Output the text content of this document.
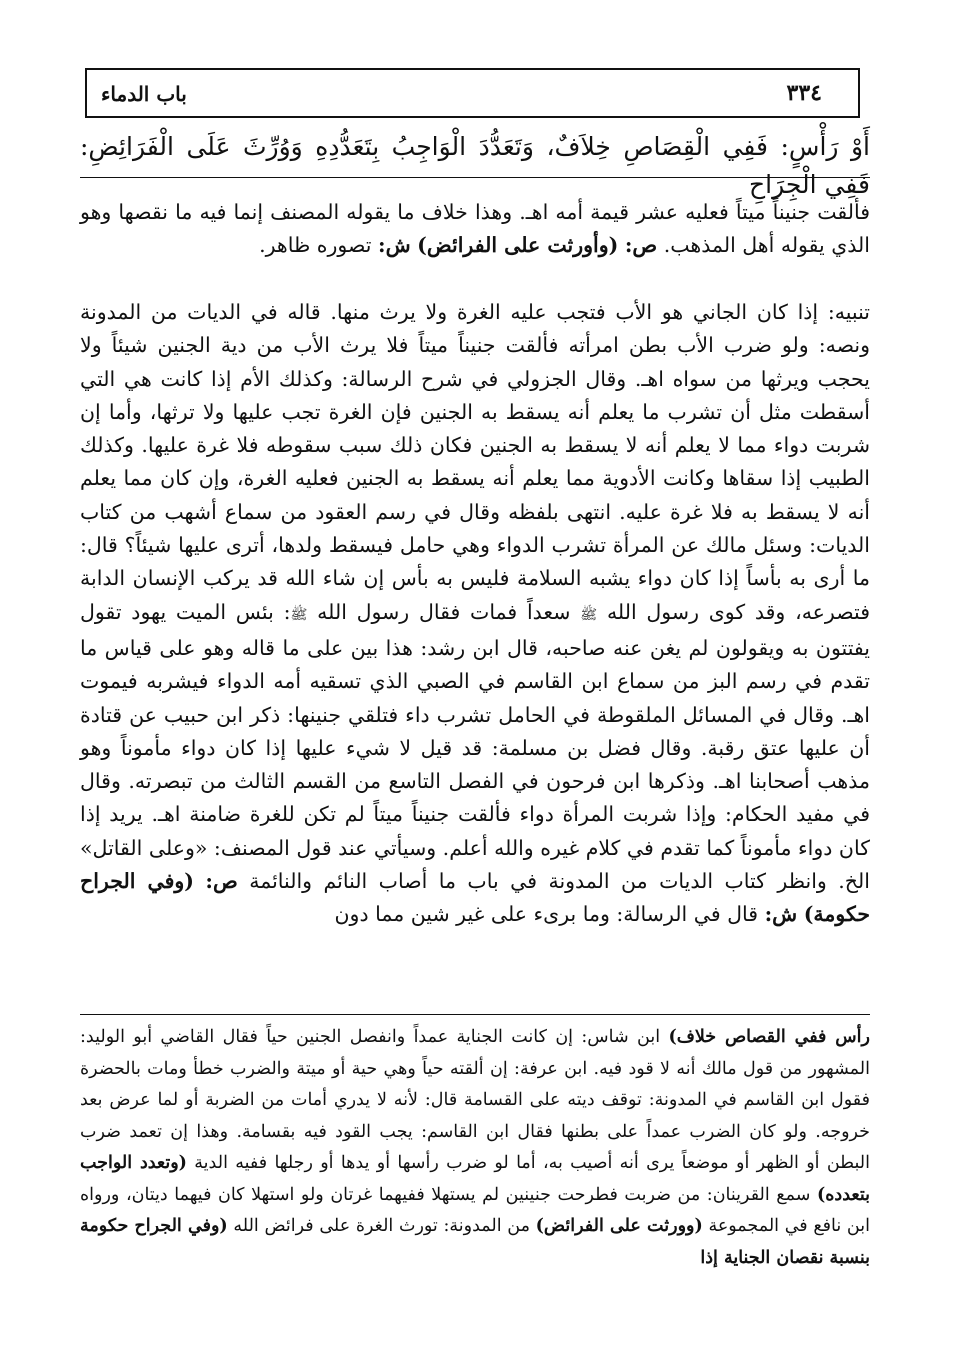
٣٣٤
باب الدماء
أَوْ رَأْسٍ: فَفِي الْقِصَاصِ خِلاَفٌ، وَتَعَدُّدَ الْوَاجِبُ بِتَعَدُّدِهِ وَوُرِّثَ عَلَى الْفَرَائِضِ: فَفِي الْجِرَاحِ

فألقت جنيناً ميتاً فعليه عشر قيمة أمه اهـ. وهذا خلاف ما يقوله المصنف إنما فيه ما نقصها وهو الذي يقوله أهل المذهب. ص: (وأورثت على الفرائض) ش: تصوره ظاهر.

تنبيه: إذا كان الجاني هو الأب فتجب عليه الغرة ولا يرث منها. قاله في الديات من المدونة ونصه: ولو ضرب الأب بطن امرأته فألقت جنيناً ميتاً فلا يرث الأب من دية الجنين شيئاً ولا يحجب ويرثها من سواه اهـ. وقال الجزولي في شرح الرسالة: وكذلك الأم إذا كانت هي التي أسقطت مثل أن تشرب ما يعلم أنه يسقط به الجنين فإن الغرة تجب عليها ولا ترثها، وأما إن شربت دواء مما لا يعلم أنه لا يسقط به الجنين فكان ذلك سبب سقوطه فلا غرة عليها. وكذلك الطبيب إذا سقاها وكانت الأدوية مما يعلم أنه يسقط به الجنين فعليه الغرة، وإن كان مما يعلم أنه لا يسقط به فلا غرة عليه. انتهى بلفظه وقال في رسم العقود من سماع أشهب من كتاب الديات: وسئل مالك عن المرأة تشرب الدواء وهي حامل فيسقط ولدها، أترى عليها شيئاً؟ قال: ما أرى به بأساً إذا كان دواء يشبه السلامة فليس به بأس إن شاء الله قد يركب الإنسان الدابة فتصرعه، وقد كوى رسول الله ﷺ سعداً فمات فقال رسول الله ﷺ: بئس الميت يهود تقول يفتتون به ويقولون لم يغن عنه صاحبه، قال ابن رشد: هذا بين على ما قاله وهو على قياس ما تقدم في رسم البز من سماع ابن القاسم في الصبي الذي تسقيه أمه الدواء فيشربه فيموت اهـ. وقال في المسائل الملقوطة في الحامل تشرب داء فتلقي جنينها: ذكر ابن حبيب عن قتادة أن عليها عتق رقبة. وقال فضل بن مسلمة: قد قيل لا شيء عليها إذا كان دواء مأموناً وهو مذهب أصحابنا اهـ. وذكرها ابن فرحون في الفصل التاسع من القسم الثالث من تبصرته. وقال في مفيد الحكام: وإذا شربت المرأة دواء فألقت جنيناً ميتاً لم تكن للغرة ضامنة اهـ. يريد إذا كان دواء مأموناً كما تقدم في كلام غيره والله أعلم. وسيأتي عند قول المصنف: «وعلى القاتل» الخ. وانظر كتاب الديات من المدونة في باب ما أصاب النائم والنائمة ص: (وفي الجراح حكومة) ش: قال في الرسالة: وما برىء على غير شين مما دون

رأس ففي القصاص خلاف) ابن شاس: إن كانت الجناية عمداً وانفصل الجنين حياً فقال القاضي أبو الوليد: المشهور من قول مالك أنه لا قود فيه. ابن عرفة: إن ألقته حياً وهي حية أو ميتة والضرب خطأ ومات بالحضرة فقول ابن القاسم في المدونة: توقف ديته على القسامة قال: لأنه لا يدري أمات من الضربة أو لما عرض بعد خروجه. ولو كان الضرب عمداً على بطنها فقال ابن القاسم: يجب القود فيه بقسامة. وهذا إن تعمد ضرب البطن أو الظهر أو موضعاً يرى أنه أصيب به، أما لو ضرب رأسها أو يدها أو رجلها ففيه الدية (وتعدد الواجب بتعدده) سمع القرينان: من ضربت فطرحت جنينين لم يستهلا ففيهما غرتان ولو استهلا كان فيهما ديتان، ورواه ابن نافع في المجموعة (وورثت على الفرائض) من المدونة: تورث الغرة على فرائض الله (وفي الجراح حكومة بنسبة نقصان الجناية إذا
